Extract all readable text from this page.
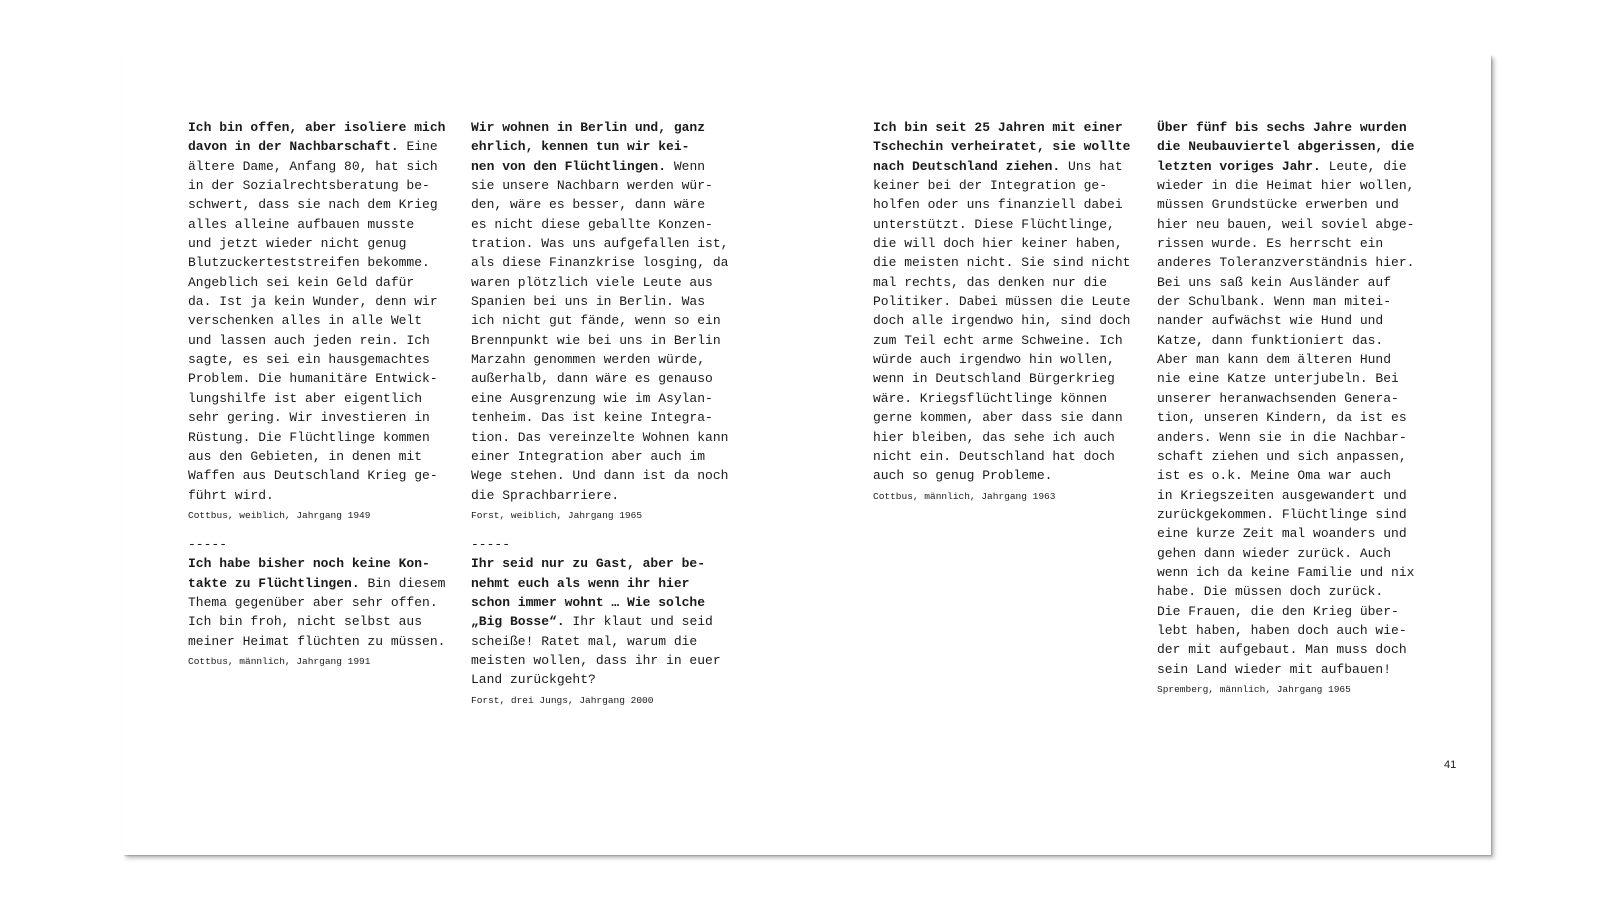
Ich bin offen, aber isoliere mich
davon in der Nachbarschaft. Eine
ältere Dame, Anfang 80, hat sich
in der Sozialrechtsberatung be-
schwert, dass sie nach dem Krieg
alles alleine aufbauen musste
und jetzt wieder nicht genug
Blutzuckerteststreifen bekomme.
Angeblich sei kein Geld dafür
da. Ist ja kein Wunder, denn wir
verschenken alles in alle Welt
und lassen auch jeden rein. Ich
sagte, es sei ein hausgemachtes
Problem. Die humanitäre Entwick-
lungshilfe ist aber eigentlich
sehr gering. Wir investieren in
Rüstung. Die Flüchtlinge kommen
aus den Gebieten, in denen mit
Waffen aus Deutschland Krieg ge-
führt wird.
Cottbus, weiblich, Jahrgang 1949
-----
Ich habe bisher noch keine Kon-
takte zu Flüchtlingen. Bin diesem
Thema gegenüber aber sehr offen.
Ich bin froh, nicht selbst aus
meiner Heimat flüchten zu müssen.
Cottbus, männlich, Jahrgang 1991
Wir wohnen in Berlin und, ganz
ehrlich, kennen tun wir kei-
nen von den Flüchtlingen. Wenn
sie unsere Nachbarn werden wür-
den, wäre es besser, dann wäre
es nicht diese geballte Konzen-
tration. Was uns aufgefallen ist,
als diese Finanzkrise losging, da
waren plötzlich viele Leute aus
Spanien bei uns in Berlin. Was
ich nicht gut fände, wenn so ein
Brennpunkt wie bei uns in Berlin
Marzahn genommen werden würde,
außerhalb, dann wäre es genauso
eine Ausgrenzung wie im Asylan-
tenheim. Das ist keine Integra-
tion. Das vereinzelte Wohnen kann
einer Integration aber auch im
Wege stehen. Und dann ist da noch
die Sprachbarriere.
Forst, weiblich, Jahrgang 1965
-----
Ihr seid nur zu Gast, aber be-
nehmt euch als wenn ihr hier
schon immer wohnt … Wie solche
„Big Bosse“. Ihr klaut und seid
scheiße! Ratet mal, warum die
meisten wollen, dass ihr in euer
Land zurückgeht?
Forst, drei Jungs, Jahrgang 2000
Ich bin seit 25 Jahren mit einer
Tschechin verheiratet, sie wollte
nach Deutschland ziehen. Uns hat
keiner bei der Integration ge-
holfen oder uns finanziell dabei
unterstützt. Diese Flüchtlinge,
die will doch hier keiner haben,
die meisten nicht. Sie sind nicht
mal rechts, das denken nur die
Politiker. Dabei müssen die Leute
doch alle irgendwo hin, sind doch
zum Teil echt arme Schweine. Ich
würde auch irgendwo hin wollen,
wenn in Deutschland Bürgerkrieg
wäre. Kriegsflüchtlinge können
gerne kommen, aber dass sie dann
hier bleiben, das sehe ich auch
nicht ein. Deutschland hat doch
auch so genug Probleme.
Cottbus, männlich, Jahrgang 1963
Über fünf bis sechs Jahre wurden
die Neubauviertel abgerissen, die
letzten voriges Jahr. Leute, die
wieder in die Heimat hier wollen,
müssen Grundstücke erwerben und
hier neu bauen, weil soviel abge-
rissen wurde. Es herrscht ein
anderes Toleranzverständnis hier.
Bei uns saß kein Ausländer auf
der Schulbank. Wenn man mitei-
nander aufwächst wie Hund und
Katze, dann funktioniert das.
Aber man kann dem älteren Hund
nie eine Katze unterjubeln. Bei
unserer heranwachsenden Genera-
tion, unseren Kindern, da ist es
anders. Wenn sie in die Nachbar-
schaft ziehen und sich anpassen,
ist es o.k. Meine Oma war auch
in Kriegszeiten ausgewandert und
zurückgekommen. Flüchtlinge sind
eine kurze Zeit mal woanders und
gehen dann wieder zurück. Auch
wenn ich da keine Familie und nix
habe. Die müssen doch zurück.
Die Frauen, die den Krieg über-
lebt haben, haben doch auch wie-
der mit aufgebaut. Man muss doch
sein Land wieder mit aufbauen!
Spremberg, männlich, Jahrgang 1965
41
